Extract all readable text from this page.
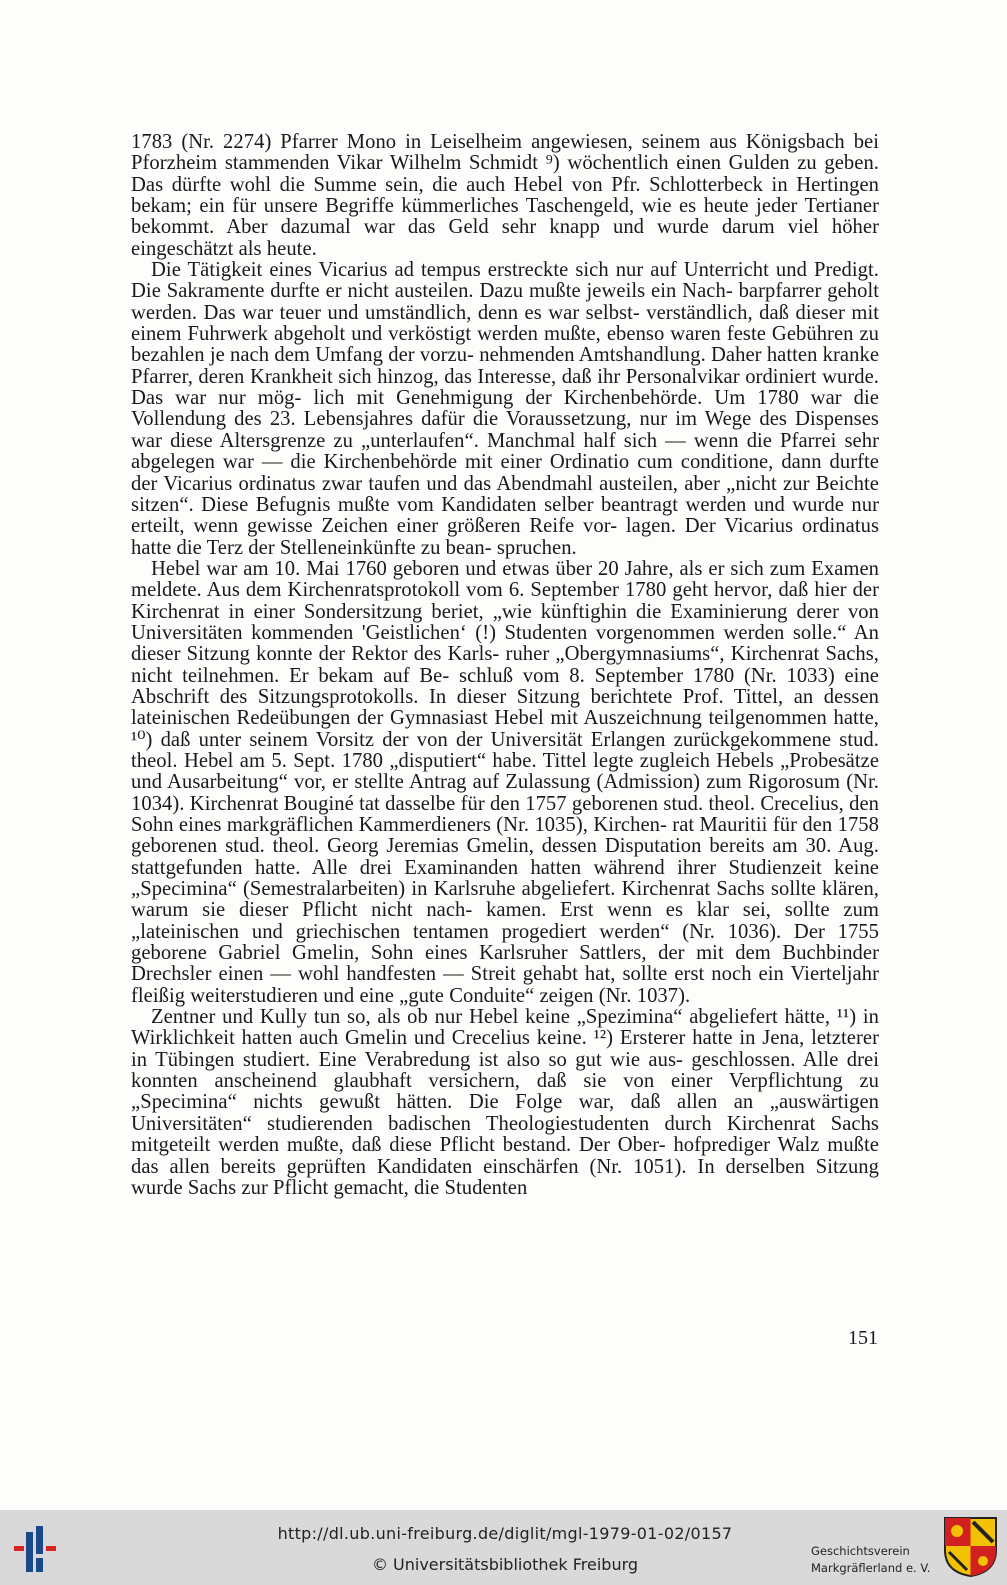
1783 (Nr. 2274) Pfarrer Mono in Leiselheim angewiesen, seinem aus Königsbach bei Pforzheim stammenden Vikar Wilhelm Schmidt ⁹) wöchentlich einen Gulden zu geben. Das dürfte wohl die Summe sein, die auch Hebel von Pfr. Schlotterbeck in Hertingen bekam; ein für unsere Begriffe kümmerliches Taschengeld, wie es heute jeder Tertianer bekommt. Aber dazumal war das Geld sehr knapp und wurde darum viel höher eingeschätzt als heute.

Die Tätigkeit eines Vicarius ad tempus erstreckte sich nur auf Unterricht und Predigt. Die Sakramente durfte er nicht austeilen. Dazu mußte jeweils ein Nach- barpfarrer geholt werden. Das war teuer und umständlich, denn es war selbst- verständlich, daß dieser mit einem Fuhrwerk abgeholt und verköstigt werden mußte, ebenso waren feste Gebühren zu bezahlen je nach dem Umfang der vorzu- nehmenden Amtshandlung. Daher hatten kranke Pfarrer, deren Krankheit sich hinzog, das Interesse, daß ihr Personalvikar ordiniert wurde. Das war nur mög- lich mit Genehmigung der Kirchenbehörde. Um 1780 war die Vollendung des 23. Lebensjahres dafür die Voraussetzung, nur im Wege des Dispenses war diese Altersgrenze zu „unterlaufen“. Manchmal half sich — wenn die Pfarrei sehr abgelegen war — die Kirchenbehörde mit einer Ordinatio cum conditione, dann durfte der Vicarius ordinatus zwar taufen und das Abendmahl austeilen, aber „nicht zur Beichte sitzen“. Diese Befugnis mußte vom Kandidaten selber beantragt werden und wurde nur erteilt, wenn gewisse Zeichen einer größeren Reife vor- lagen. Der Vicarius ordinatus hatte die Terz der Stelleneinkünfte zu bean- spruchen.

Hebel war am 10. Mai 1760 geboren und etwas über 20 Jahre, als er sich zum Examen meldete. Aus dem Kirchenratsprotokoll vom 6. September 1780 geht hervor, daß hier der Kirchenrat in einer Sondersitzung beriet, „wie künftighin die Examinierung derer von Universitäten kommenden 'Geistlichen‘ (!) Studenten vorgenommen werden solle.“ An dieser Sitzung konnte der Rektor des Karls- ruher „Obergymnasiums“, Kirchenrat Sachs, nicht teilnehmen. Er bekam auf Be- schluß vom 8. September 1780 (Nr. 1033) eine Abschrift des Sitzungsprotokolls. In dieser Sitzung berichtete Prof. Tittel, an dessen lateinischen Redeübungen der Gymnasiast Hebel mit Auszeichnung teilgenommen hatte, ¹⁰) daß unter seinem Vorsitz der von der Universität Erlangen zurückgekommene stud. theol. Hebel am 5. Sept. 1780 „disputiert“ habe. Tittel legte zugleich Hebels „Probesätze und Ausarbeitung“ vor, er stellte Antrag auf Zulassung (Admission) zum Rigorosum (Nr. 1034). Kirchenrat Bouginé tat dasselbe für den 1757 geborenen stud. theol. Crecelius, den Sohn eines markgräflichen Kammerdieners (Nr. 1035), Kirchen- rat Mauritii für den 1758 geborenen stud. theol. Georg Jeremias Gmelin, dessen Disputation bereits am 30. Aug. stattgefunden hatte. Alle drei Examinanden hatten während ihrer Studienzeit keine „Specimina“ (Semestralarbeiten) in Karlsruhe abgeliefert. Kirchenrat Sachs sollte klären, warum sie dieser Pflicht nicht nach- kamen. Erst wenn es klar sei, sollte zum „lateinischen und griechischen tentamen progediert werden“ (Nr. 1036). Der 1755 geborene Gabriel Gmelin, Sohn eines Karlsruher Sattlers, der mit dem Buchbinder Drechsler einen — wohl handfesten — Streit gehabt hat, sollte erst noch ein Vierteljahr fleißig weiterstudieren und eine „gute Conduite“ zeigen (Nr. 1037).

Zentner und Kully tun so, als ob nur Hebel keine „Spezimina“ abgeliefert hätte, ¹¹) in Wirklichkeit hatten auch Gmelin und Crecelius keine. ¹²) Ersterer hatte in Jena, letzterer in Tübingen studiert. Eine Verabredung ist also so gut wie aus- geschlossen. Alle drei konnten anscheinend glaubhaft versichern, daß sie von einer Verpflichtung zu „Specimina“ nichts gewußt hätten. Die Folge war, daß allen an „auswärtigen Universitäten“ studierenden badischen Theologiestudenten durch Kirchenrat Sachs mitgeteilt werden mußte, daß diese Pflicht bestand. Der Ober- hofprediger Walz mußte das allen bereits geprüften Kandidaten einschärfen (Nr. 1051). In derselben Sitzung wurde Sachs zur Pflicht gemacht, die Studenten

151
http://dl.ub.uni-freiburg.de/diglit/mgl-1979-01-02/0157
© Universitätsbibliothek Freiburg
Geschichtsverein
Markgräflerland e. V.
